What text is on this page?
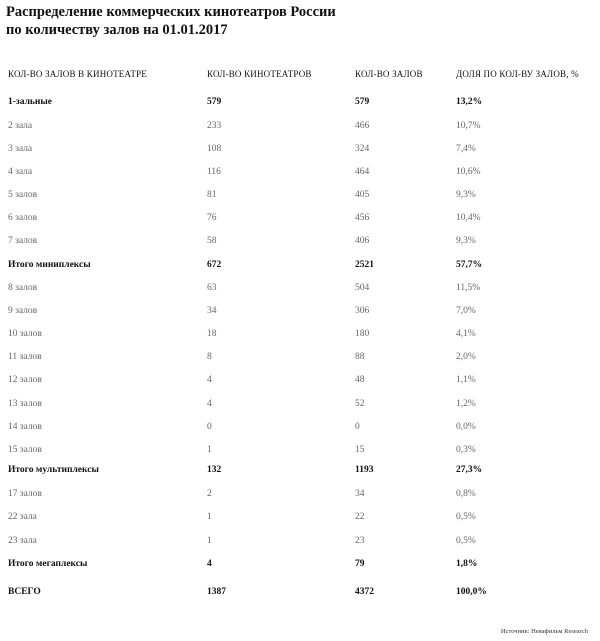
Распределение коммерческих кинотеатров России
по количеству залов на 01.01.2017
КОЛ-ВО ЗАЛОВ В КИНОТЕАТРЕ	КОЛ-ВО КИНОТЕАТРОВ	КОЛ-ВО ЗАЛОВ	ДОЛЯ ПО КОЛ-ВУ ЗАЛОВ, %
1-зальные	579	579	13,2%
2 зала	233	466	10,7%
3 зала	108	324	7,4%
4 зала	116	464	10,6%
5 залов	81	405	9,3%
6 залов	76	456	10,4%
7 залов	58	406	9,3%
Итого миниплексы	672	2521	57,7%
8 залов	63	504	11,5%
9 залов	34	306	7,0%
10 залов	18	180	4,1%
11 залов	8	88	2,0%
12 залов	4	48	1,1%
13 залов	4	52	1,2%
14 залов	0	0	0,0%
15 залов	1	15	0,3%
Итого мультиплексы	132	1193	27,3%
17 залов	2	34	0,8%
22 зала	1	22	0,5%
23 зала	1	23	0,5%
Итого мегаплексы	4	79	1,8%
ВСЕГО	1387	4372	100,0%
Источник: Невафильм Research
